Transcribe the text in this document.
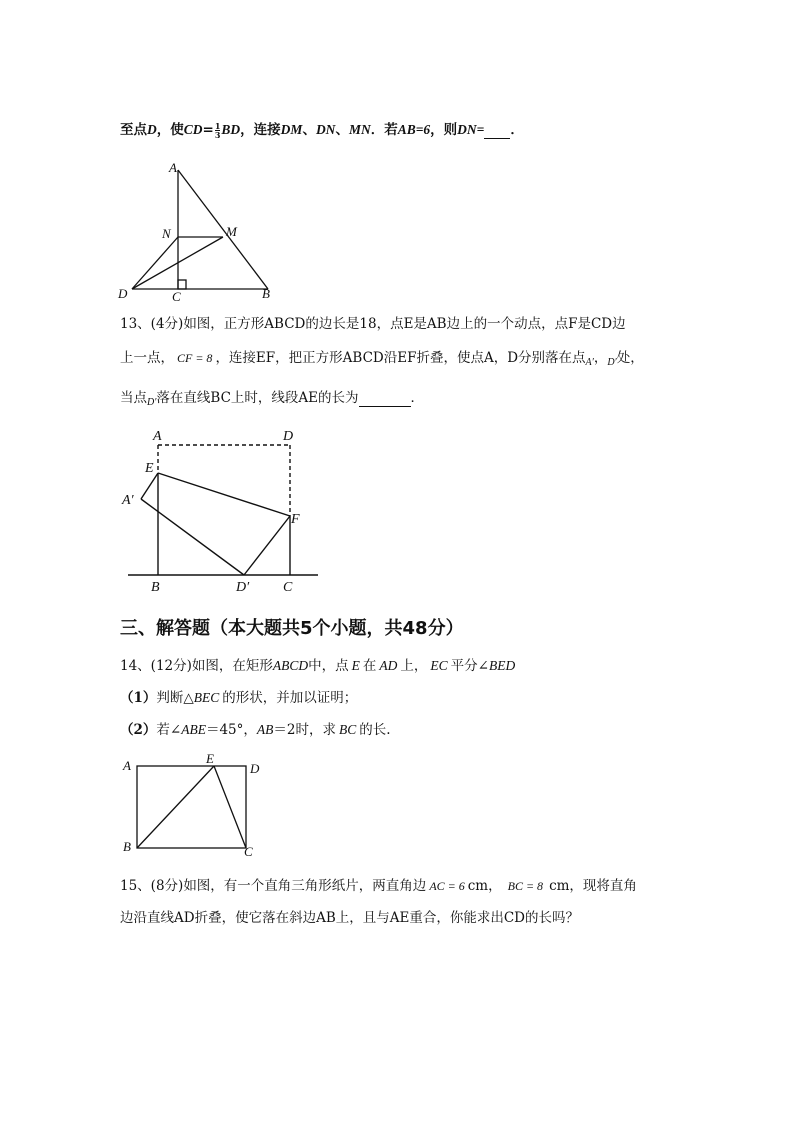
至点D，使$CD= \frac{1}{3}$ BD，连接DM、DN、MN．若AB=6，则DN= ．
A
N	M
D	C	B
13、(4分)如图，正方形ABCD的边长是18，点E是AB边上的一个动点，点F是CD边
上一点， CF = 8 ，连接EF，把正方形ABCD沿EF折叠，使点A，D分别落在点$_{A'}$，$_{D'}$处，
当点$_{D'}$落在直线BC上时，线段AE的长为	．
A	D
E
A′
F
B	D′ C
三、解答题（本大题共5个小题，共48分）
14、(12分)如图，在矩形ABCD中，点 E 在 AD 上， EC 平分∠BED
（1）判断△BEC 的形状，并加以证明；
（2）若∠ABE＝45°，AB＝2时，求 BC 的长.
A	E
D
B	C
15、(8分)如图，有一个直角三角形纸片，两直角边 AC = 6 cm， BC = 8 cm，现将直角
边沿直线AD折叠，使它落在斜边AB上，且与AE重合，你能求出CD的长吗？
